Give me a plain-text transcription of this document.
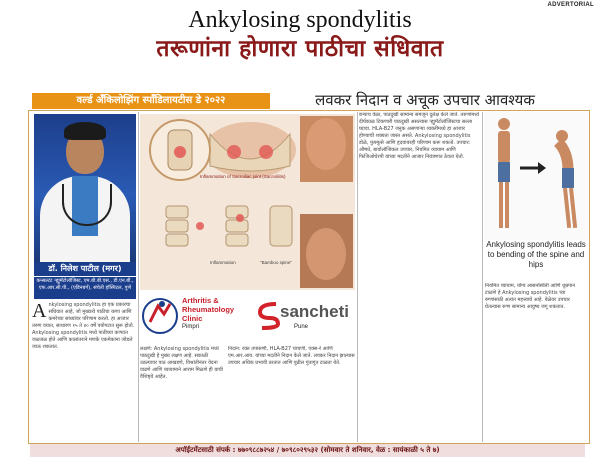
ADVERTORIAL
Ankylosing spondylitis
तरूणांना होणारा पाठीचा संधिवात
वर्ल्ड ॲंकिलोझिंग स्पाँडिलायटीस डे २०२२	लवकर निदान व अचूक उपचार आवश्यक
डॉ. निलेश पाटील (मगर)
कन्सल्टंट र्‍ह्युमॅटोलॉजिस्ट, एम.बी.बी.एस., डी.एन.बी., एफ.आर.सी.पी., (एडिनबर्ग), संचेती हॉस्पिटल, पुणे
A nkylosing spondylitis हा एक प्रकारचा संधिवात आहे, जो मुख्यत्वे पाठीचा कणा आणि कमरेच्या सांध्यांवर परिणाम करतो. हा आजार तरुण वयात, साधारण १५ ते ४० वर्षे वयोगटात सुरू होतो. Ankylosing spondylitis मध्ये पाठीच्या कण्यात जळजळ होते आणि कालांतराने मणके एकमेकांना जोडले जाऊ शकतात.
Inflammation of Sacroiliac joint (Sacroiliitis)
Inflammation	"Bamboo spine"
Arthritis &
Rheumatology
Clinic
Pimpri
sancheti
Pune
लक्षणे: Ankylosing spondylitis मध्ये पाठदुखी हे मुख्य लक्षण आहे. सकाळी उठल्यावर पाठ आखडणे, विश्रांतीनंतर वेदना वाढणे आणि व्यायामाने आराम मिळणे ही याची वैशिष्ट्ये आहेत.
निदान: रक्त तपासणी, HLA-B27 चाचणी, एक्स-रे आणि एम.आर.आय. यांच्या मदतीने निदान केले जाते. लवकर निदान झाल्यास उपचार अधिक प्रभावी ठरतात आणि पुढील गुंतागुंत टाळता येते.
बऱ्याच वेळा, पाठदुखी सामान्य समजून दुर्लक्ष केले जाते. तरुणांमध्ये दीर्घकाळ टिकणारी पाठदुखी असल्यास र्‍ह्युमॅटोलॉजिस्टचा सल्ला घ्यावा. HLA-B27 जनुक असणाऱ्या व्यक्तींमध्ये हा आजार होण्याची शक्यता जास्त असते. Ankylosing spondylitis डोळे, फुफ्फुसे आणि हृदयावरही परिणाम करू शकतो. उपचार: औषधे, बायोलॉजिकल उपचार, नियमित व्यायाम आणि फिजिओथेरपी यांच्या मदतीने आजार नियंत्रणात ठेवता येतो.
Ankylosing spondylitis leads to bending of the spine and hips
नियमित व्यायाम, योग्य आसनस्थिती आणि धूम्रपान टाळणे हे Ankylosing spondylitis च्या रुग्णांसाठी अत्यंत महत्त्वाचे आहे. वेळेवर उपचार घेतल्यास रुग्ण सामान्य आयुष्य जगू शकतात.
अपॉईंटमेंटसाठी संपर्क : ७७०९८८७२५४ / ७०९८०२९५३२ (सोमवार ते शनिवार, वेळ : सायंकाळी ५ ते ७)
